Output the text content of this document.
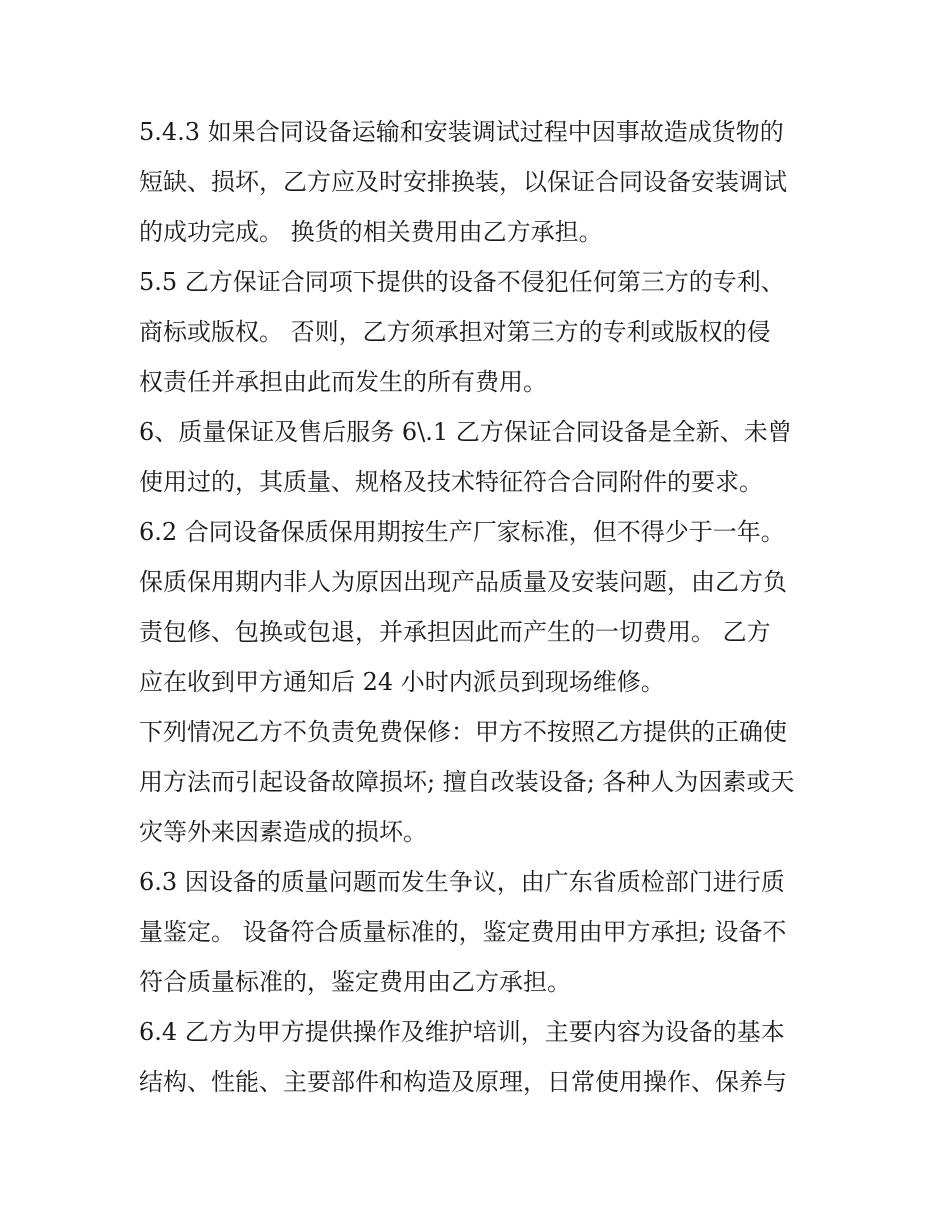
5.4.3 如果合同设备运输和安装调试过程中因事故造成货物的
短缺、损坏，乙方应及时安排换装，以保证合同设备安装调试
的成功完成。 换货的相关费用由乙方承担。
5.5 乙方保证合同项下提供的设备不侵犯任何第三方的专利、
商标或版权。 否则，乙方须承担对第三方的专利或版权的侵
权责任并承担由此而发生的所有费用。
6、质量保证及售后服务 6\.1 乙方保证合同设备是全新、未曾
使用过的，其质量、规格及技术特征符合合同附件的要求。
6.2 合同设备保质保用期按生产厂家标准，但不得少于一年。
保质保用期内非人为原因出现产品质量及安装问题，由乙方负
责包修、包换或包退，并承担因此而产生的一切费用。 乙方
应在收到甲方通知后 24 小时内派员到现场维修。
下列情况乙方不负责免费保修：甲方不按照乙方提供的正确使
用方法而引起设备故障损坏; 擅自改装设备; 各种人为因素或天
灾等外来因素造成的损坏。
6.3 因设备的质量问题而发生争议，由广东省质检部门进行质
量鉴定。 设备符合质量标准的，鉴定费用由甲方承担; 设备不
符合质量标准的，鉴定费用由乙方承担。
6.4 乙方为甲方提供操作及维护培训，主要内容为设备的基本
结构、性能、主要部件和构造及原理，日常使用操作、保养与
